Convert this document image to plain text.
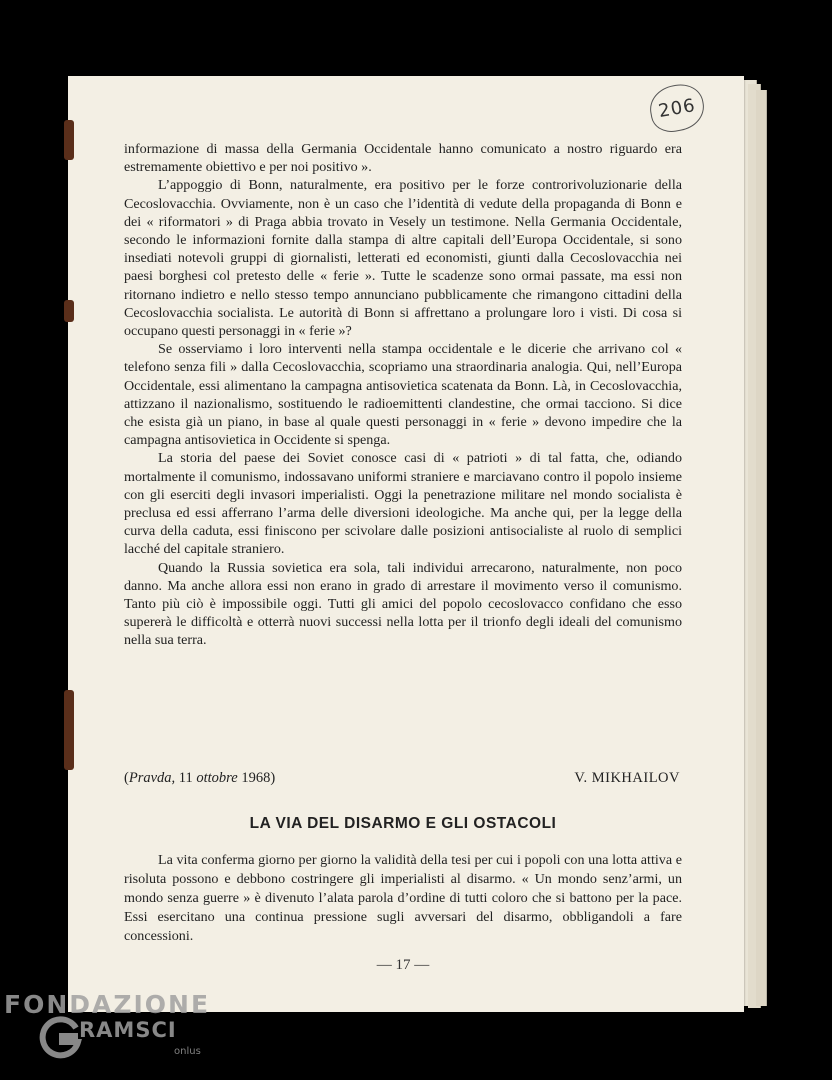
206

informazione di massa della Germania Occidentale hanno comunicato a nostro riguardo era estremamente obiettivo e per noi positivo ».

L’appoggio di Bonn, naturalmente, era positivo per le forze controrivoluzionarie della Cecoslovacchia. Ovviamente, non è un caso che l’identità di vedute della propaganda di Bonn e dei « riformatori » di Praga abbia trovato in Vesely un testimone. Nella Germania Occidentale, secondo le informazioni fornite dalla stampa di altre capitali dell’Europa Occidentale, si sono insediati notevoli gruppi di giornalisti, letterati ed economisti, giunti dalla Cecoslovacchia nei paesi borghesi col pretesto delle « ferie ». Tutte le scadenze sono ormai passate, ma essi non ritornano indietro e nello stesso tempo annunciano pubblicamente che rimangono cittadini della Cecoslovacchia socialista. Le autorità di Bonn si affrettano a prolungare loro i visti. Di cosa si occupano questi personaggi in « ferie »?

Se osserviamo i loro interventi nella stampa occidentale e le dicerie che arrivano col « telefono senza fili » dalla Cecoslovacchia, scopriamo una straordinaria analogia. Qui, nell’Europa Occidentale, essi alimentano la campagna antisovietica scatenata da Bonn. Là, in Cecoslovacchia, attizzano il nazionalismo, sostituendo le radioemittenti clandestine, che ormai tacciono. Si dice che esista già un piano, in base al quale questi personaggi in « ferie » devono impedire che la campagna antisovietica in Occidente si spenga.

La storia del paese dei Soviet conosce casi di « patrioti » di tal fatta, che, odiando mortalmente il comunismo, indossavano uniformi straniere e marciavano contro il popolo insieme con gli eserciti degli invasori imperialisti. Oggi la penetrazione militare nel mondo socialista è preclusa ed essi afferrano l’arma delle diversioni ideologiche. Ma anche qui, per la legge della curva della caduta, essi finiscono per scivolare dalle posizioni antisocialiste al ruolo di semplici lacché del capitale straniero.

Quando la Russia sovietica era sola, tali individui arrecarono, naturalmente, non poco danno. Ma anche allora essi non erano in grado di arrestare il movimento verso il comunismo. Tanto più ciò è impossibile oggi. Tutti gli amici del popolo cecoslovacco confidano che esso supererà le difficoltà e otterrà nuovi successi nella lotta per il trionfo degli ideali del comunismo nella sua terra.

(Pravda, 11 ottobre 1968)	V. MIKHAILOV
LA VIA DEL DISARMO E GLI OSTACOLI

La vita conferma giorno per giorno la validità della tesi per cui i popoli con una lotta attiva e risoluta possono e debbono costringere gli imperialisti al disarmo. « Un mondo senz’armi, un mondo senza guerre » è divenuto l’alata parola d’ordine di tutti coloro che si battono per la pace. Essi esercitano una continua pressione sugli avversari del disarmo, obbligandoli a fare concessioni.

— 17 —
FONDAZIONE
RAMSCI
onlus
